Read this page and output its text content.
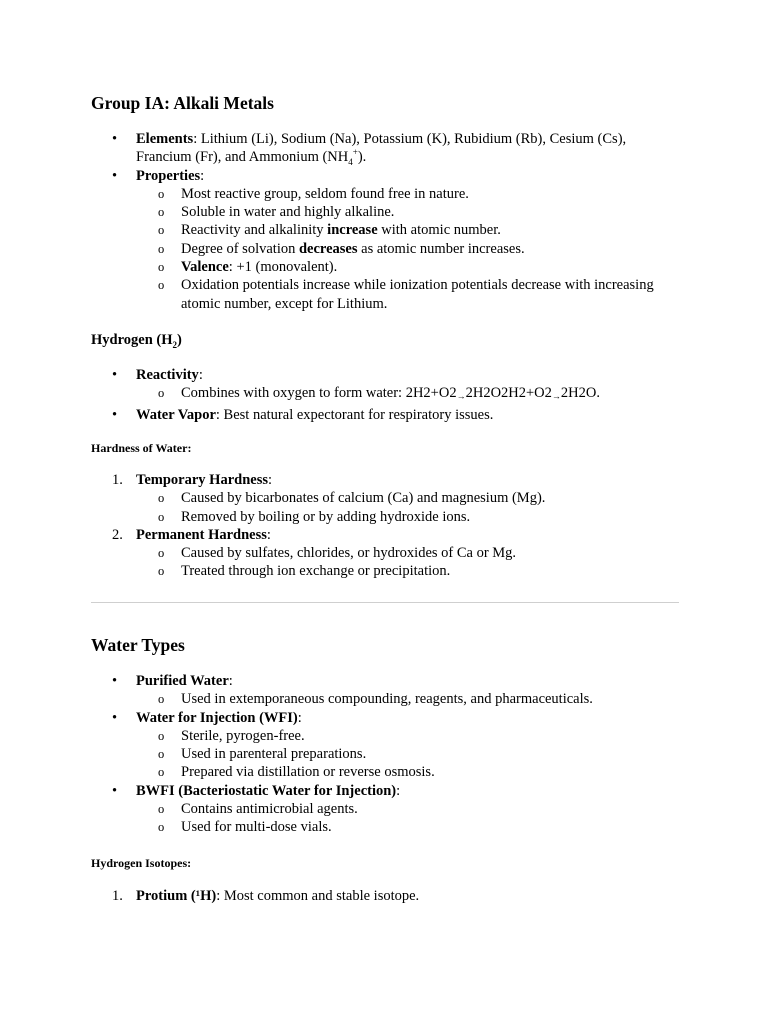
Group IA: Alkali Metals
• Elements: Lithium (Li), Sodium (Na), Potassium (K), Rubidium (Rb), Cesium (Cs), Francium (Fr), and Ammonium $(NH_4^+)$.
• Properties:
o Most reactive group, seldom found free in nature.
o Soluble in water and highly alkaline.
o Reactivity and alkalinity increase with atomic number.
o Degree of solvation decreases as atomic number increases.
o Valence: +1 (monovalent).
o Oxidation potentials increase while ionization potentials decrease with increasing atomic number, except for Lithium.
Hydrogen $(H_2)$
• Reactivity:
o Combines with oxygen to form water: 2H2+O2→2H2O2H2+O2→2H2O.
• Water Vapor: Best natural expectorant for respiratory issues.
Hardness of Water:
1. Temporary Hardness:
o Caused by bicarbonates of calcium (Ca) and magnesium (Mg).
o Removed by boiling or by adding hydroxide ions.
2. Permanent Hardness:
o Caused by sulfates, chlorides, or hydroxides of Ca or Mg.
o Treated through ion exchange or precipitation.
Water Types
• Purified Water:
o Used in extemporaneous compounding, reagents, and pharmaceuticals.
• Water for Injection (WFI):
o Sterile, pyrogen-free.
o Used in parenteral preparations.
o Prepared via distillation or reverse osmosis.
• BWFI (Bacteriostatic Water for Injection):
o Contains antimicrobial agents.
o Used for multi-dose vials.
Hydrogen Isotopes:
1. Protium (¹H): Most common and stable isotope.
